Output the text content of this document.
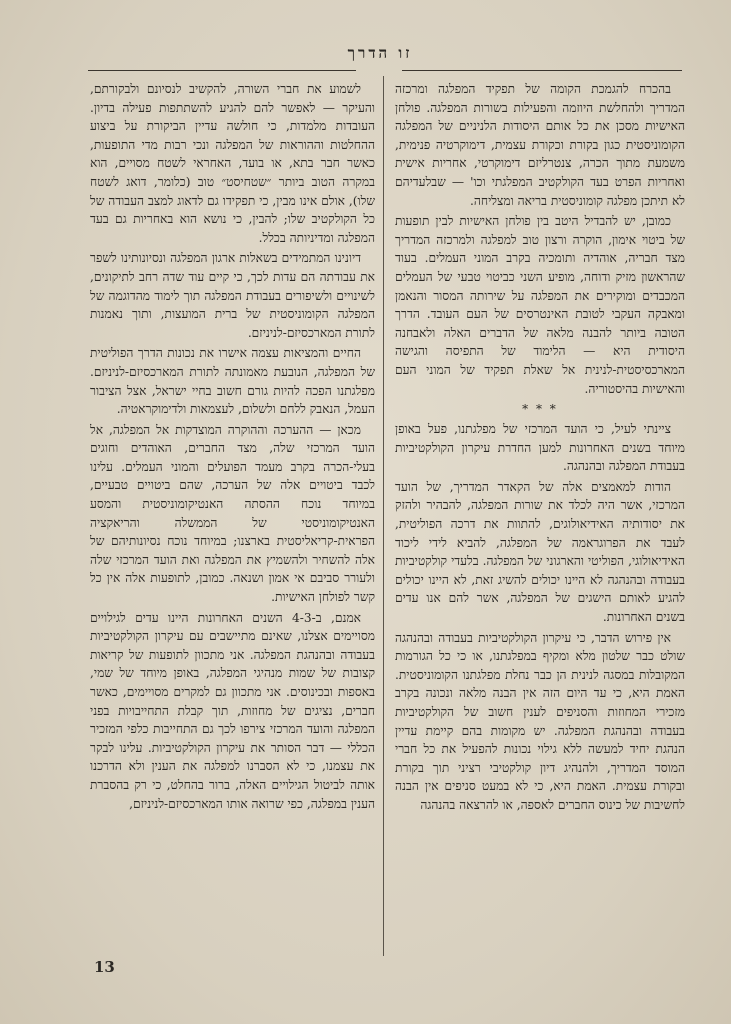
זו הדרך

בהכרח להגמכת הקומה של תפקיד המפלגה ומרכזה המדריך ולהחלשת היוזמה והפעילות בשורות המפלגה. פולחן האישיות מסכן את כל אותם היסודות הלניניים של המפלגה הקומוניסטית כגון בקורת וכקורת עצמית, דימוקרטיה פנימית, משמעת מתוך הכרה, צנטרליזם דימוקרטי, אחריות אישית ואחריות הפרט בעד הקולקטיב המפלגתי וכו' — שבלעדיהם לא תיתכן מפלגה קומוניסטית בריאה ומצליחה.

כמובן, יש להבדיל היטב בין פולחן האישיות לבין תופעות של ביטוי אימון, הוקרה ורצון טוב למפלגה ולמרכזה המדריך מצד חבריה, אוהדיה ותומכיה בקרב המוני העמלים. בעוד שהראשון מזיק ודוחה, מופיע השני כביטוי טבעי של העמלים המכבדים ומוקירים את המפלגה על שירותה המסור והנאמן ומאבקה העקבי לטובת האינטרסים של העם העובד. הדרך הטובה ביותר להבנה מלאה של הדברים האלה ולאבחנה היסודית היא — הלימוד של התפיסה והגישה המארכסיסטית-לנינית אל שאלת תפקיד של המוני העם והאישיות בהיסטוריה.

* * *

ציינתי לעיל, כי הועד המרכזי של מפלגתנו, פעל באופן מיוחד בשנים האחרונות למען החדרת עיקרון הקולקטיביות בעבודת המפלגה ובהנהגה.

הודות למאמצים אלה של הקאדר המדריך, של הועד המרכזי, אשר היה לכלד את שורות המפלגה, להבהיר ולהזק את יסודותיה האידיאולוגים, להתוות את דרכה הפוליטית, לעבד את הפרוגראמה של המפלגה, להביא לידי ליכוד האידיאולוגי, הפוליטי והארגוני של המפלגה. בלעדי קולקטיביות בעבודה ובהנהגה לא היינו יכולים להשיג זאת, לא היינו יכולים להגיע לאותם הישגים של המפלגה, אשר להם אנו עדים בשנים האחרונות.

אין פירוש הדבר, כי עיקרון הקולקטיביות בעבודה ובהנהגה שולט כבר שלטון מלא ומקיף במפלגתנו, או כי כל הגורמות המקובלות במסגה לנינית הן כבר נחלת מפלגתנו הקומוניסטית. האמת היא, כי עד היום הזה אין הבנה מלאה ונכונה בקרב מזכירי המחוזות והסניפים לענין חשוב של הקולקטיביות בעבודה ובהנהגת המפלגה. יש מקומות בהם קיימת עדיין הנהגת יחיד למעשה ללא גילוי נכונות להפעיל את כל חברי המוסד המדריך, ולהנהיג דיון קולקטיבי רציני תוך בקורת ובקורת עצמית. האמת היא, כי לא במעט סניפים אין הבנה לחשיבות של כינוס החברים לאספה, או להרצאה בהנהגה

לשמוע את חברי השורה, להקשיב לנסיונם ולבקורתם, והעיקר — לאפשר להם להגיע להשתתפות פעילה בדיון. העובדות מלמדות, כי חולשה עדיין הביקורת על ביצוע ההחלטות וההוראות של המפלגה ונכי רבות מדי התופעות, כאשר חבר בתא, או בועד, האחראי לשטח מסויים, הוא במקרה הטוב ביותר ״שטחיסט״ טוב (כלומר, דואג לשטח שלו), אולם אינו מבין, כי תפקידו גם לדאוג למצב העבודה של כל הקולקטיב שלו; להבין, כי נושא הוא באחריות גם בעד המפלגה ומדיניותה בכלל.

דיונינו המתמידים בשאלות ארגון המפלגה ונסיונותינו לשפר את עבודתה הם עדות לכך, כי קיים עוד שדה רחב לתיקונים, לשינויים ולשיפורים בעבודת המפלגה תוך לימוד מהדוגמה של המפלגה הקומוניסטית של ברית המועצות, ותוך נאמנות לתורת המארכסיזם-לניניזם.

החיים והמציאות עצמה אישרו את נכונות הדרך הפוליטית של המפלגה, הנובעת מאמונתה לתורת המארכסיזם-לניניזם. מפלגתנו הפכה להיות גורם חשוב בחיי ישראל, אצל הציבור העמל, הנאבק ללחם ולשלום, לעצמאות ולדימוקראטיה.

מכאן — ההערכה וההוקרה המוצדקות אל המפלגה, אל הועד המרכזי שלה, מצד החברים, האוהדים וחוגים בעלי-הכרה בקרב מעמד הפועלים והמוני העמלים. עלינו לכבד ביטויים אלה של הערכה, שהם ביטויים טבעיים, במיוחד נוכח ההסתה האנטיקומוניסטית והמסע האנטיקומוניסטי של הממשלה והריאקציה הפראית-קריאליסטית בארצנו; במיוחד נוכח נסיונותיהם של אלה להשחיר ולהשמיץ את המפלגה ואת הועד המרכזי שלה ולעורר סביבם אי אמון ושנאה. כמובן, לתופעות אלה אין כל קשר לפולחן האישיות.

אמנם, ב-4-3 השנים האחרונות היינו עדים לגילויים מסויימים אצלנו, שאינם מתיישבים עם עיקרון הקולקטיביות בעבודה ובהנהגת המפלגה. אני מתכוון לתופעות של קריאות קצובות של שמות מנהיגי המפלגה, באופן מיוחד של שמי, באספות ובכינוסים. אני מתכוון גם למקרים מסויימים, כאשר חברים, נציגים של מחוזות, תוך קבלת התחייבויות בפני המפלגה והועד המרכזי צירפו לכך גם התחייבות כלפי המזכיר הכללי — דבר הסותר את עיקרון הקולקטיביות. עלינו לבקר את עצמנו, כי לא הסברנו למפלגה את הענין ולא הדרכנו אותה לביטול הגילויים האלה, ברור בהחלט, כי רק בהסברת הענין במפלגה, כפי שרואה אותו המארכסיזם-לניניזם,

13
